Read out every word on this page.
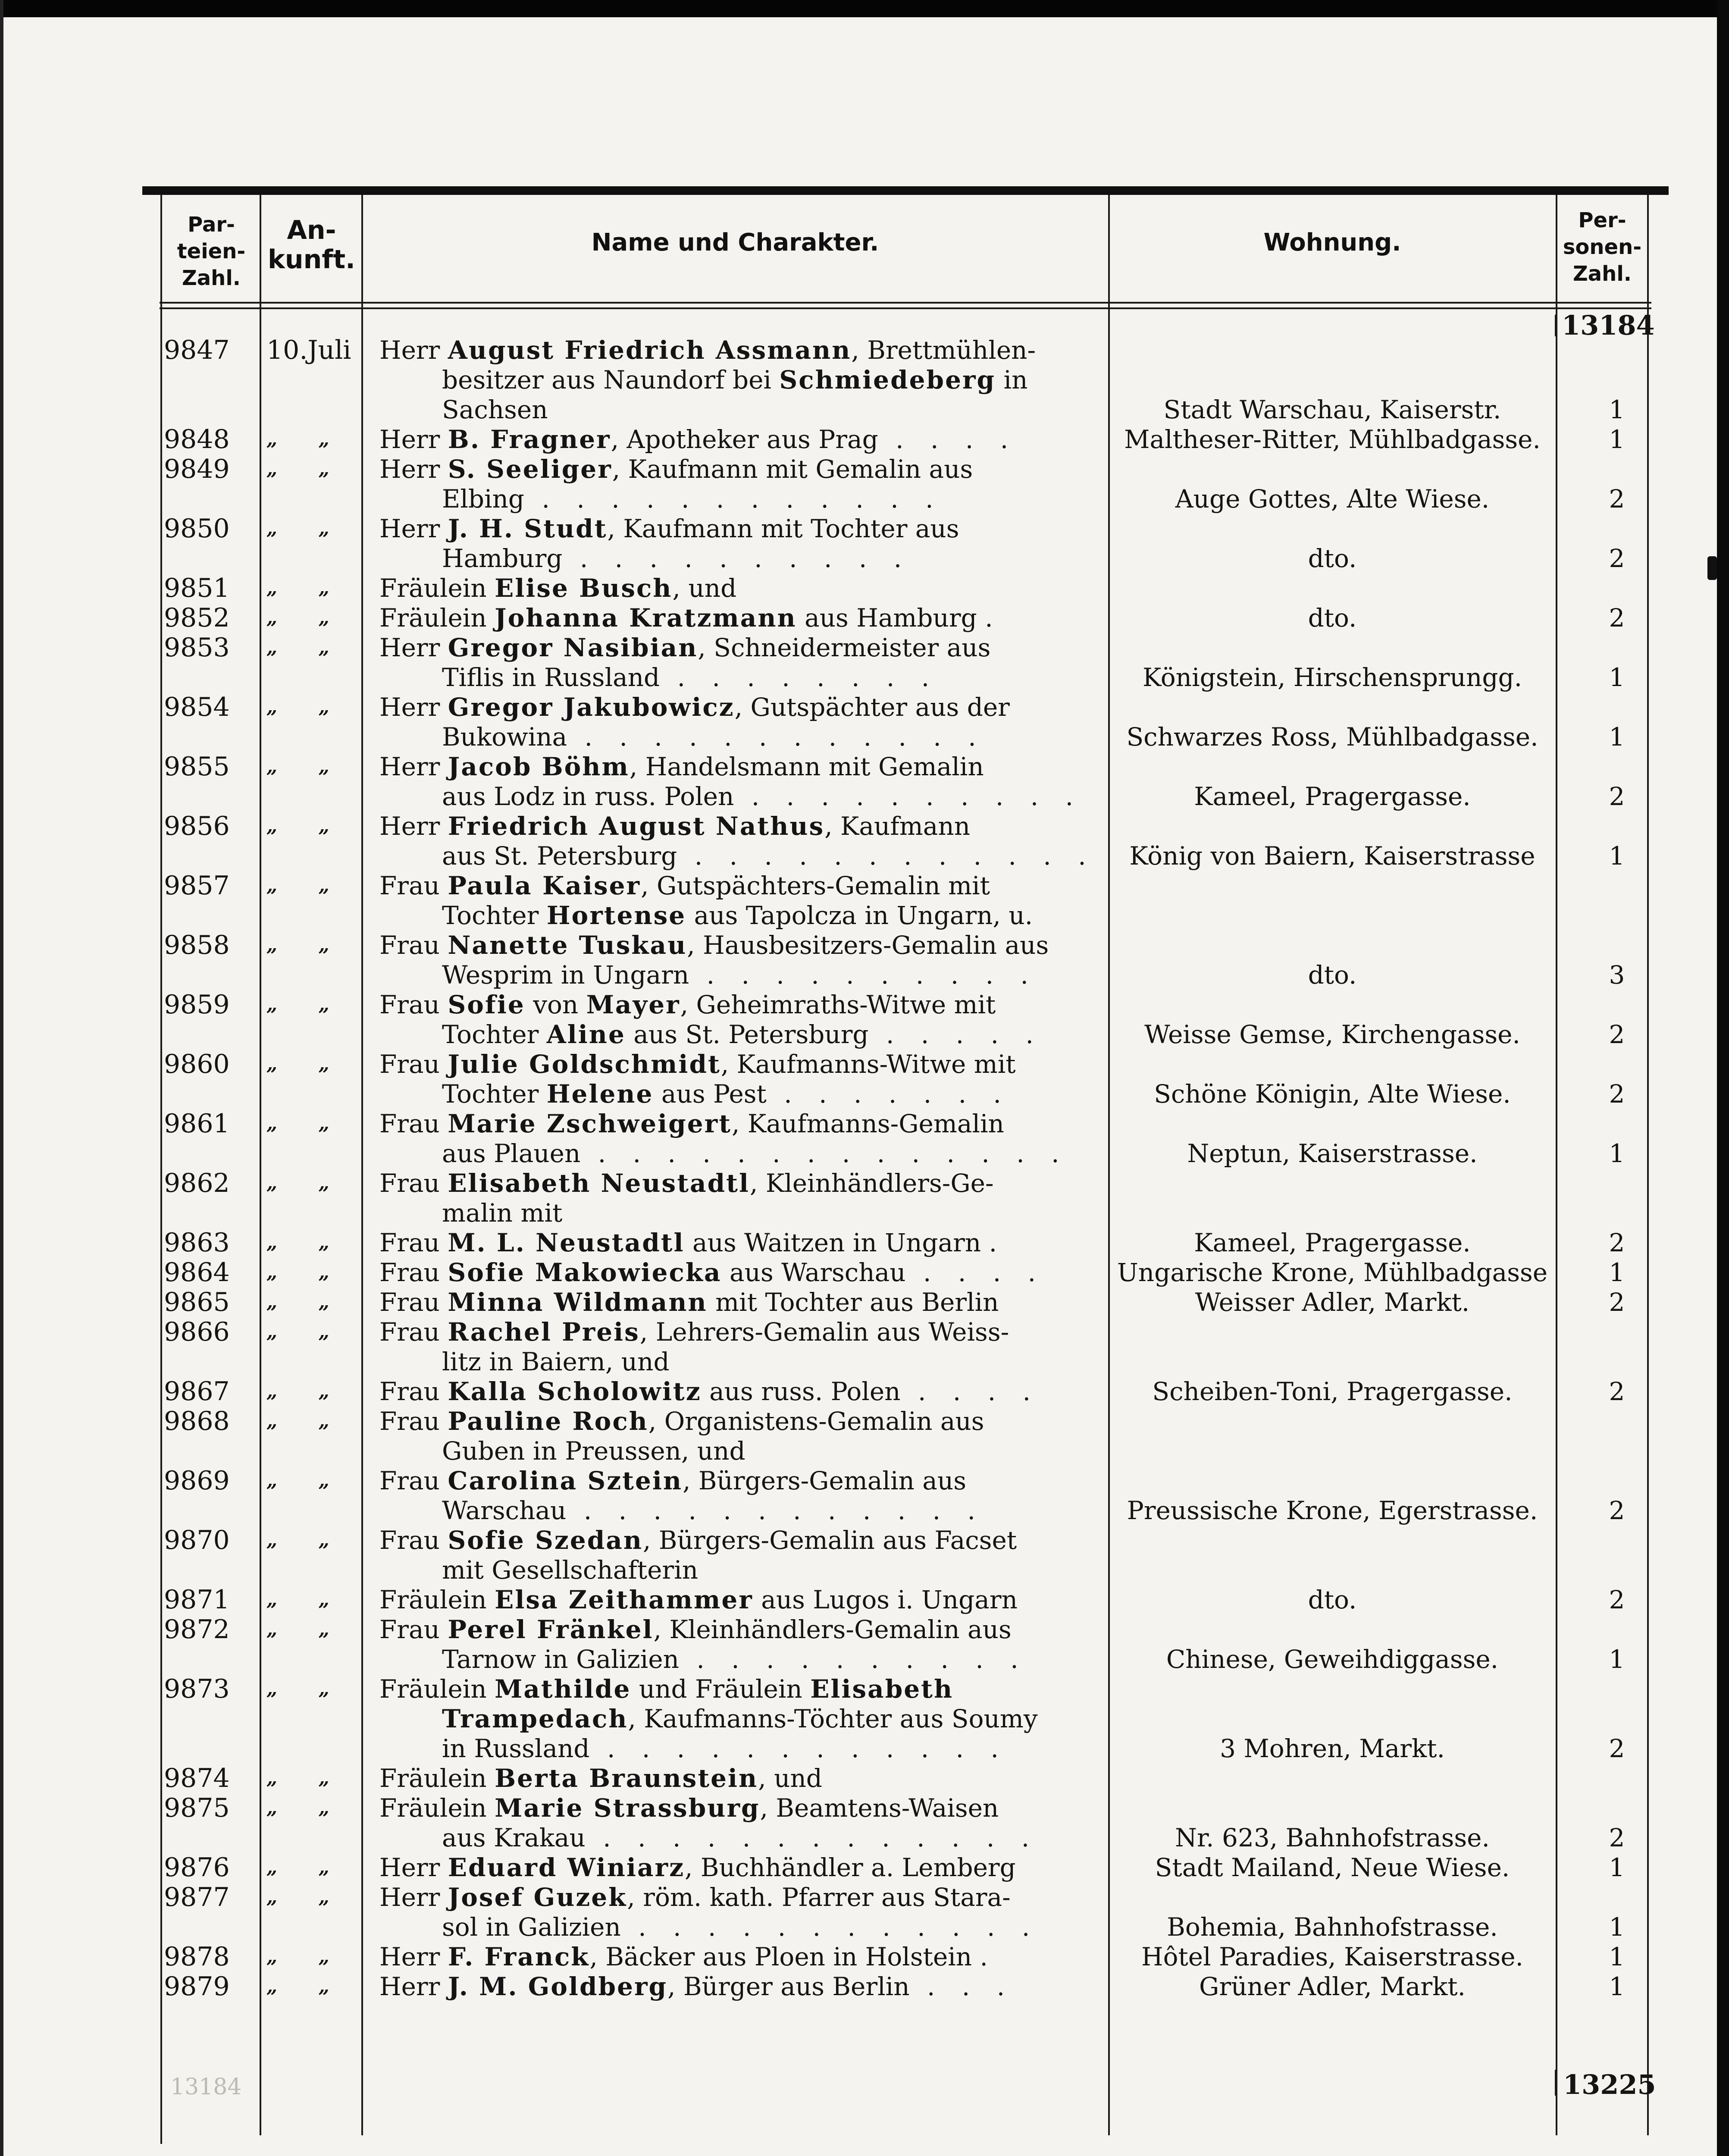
Par-
teien-
Zahl.
An-
kunft.
Name und Charakter.	Wohnung.
Per-
sonen-
Zahl.
13184
9847	10.Juli Herr August Friedrich Assmann, Brettmühlen-
besitzer aus Naundorf bei Schmiedeberg in
Sachsen	Stadt Warschau, Kaiserstr.	1
9848	„ „ Herr B. Fragner, Apotheker aus Prag . . . .	Maltheser-Ritter, Mühlbadgasse.	1
9849	„ „ Herr S. Seeliger, Kaufmann mit Gemalin aus
Elbing . . . . . . . . . . . .	Auge Gottes, Alte Wiese.	2
9850	„ „ Herr J. H. Studt, Kaufmann mit Tochter aus
Hamburg . . . . . . . . . .	dto.	2
9851	„ „ Fräulein Elise Busch, und
9852	„ „ Fräulein Johanna Kratzmann aus Hamburg .	dto.	2
9853	„ „ Herr Gregor Nasibian, Schneidermeister aus
Tiflis in Russland . . . . . . . .	Königstein, Hirschensprungg.	1
9854	„ „ Herr Gregor Jakubowicz, Gutspächter aus der
Bukowina . . . . . . . . . . . .	Schwarzes Ross, Mühlbadgasse.	1
9855	„ „ Herr Jacob Böhm, Handelsmann mit Gemalin
aus Lodz in russ. Polen . . . . . . . . . .	Kameel, Pragergasse.	2
9856	„ „ Herr Friedrich August Nathus, Kaufmann
aus St. Petersburg . . . . . . . . . . . .	König von Baiern, Kaiserstrasse	1
9857	„ „ Frau Paula Kaiser, Gutspächters-Gemalin mit
Tochter Hortense aus Tapolcza in Ungarn, u.
9858	„ „ Frau Nanette Tuskau, Hausbesitzers-Gemalin aus
Wesprim in Ungarn . . . . . . . . . .	dto.	3
9859	„ „ Frau Sofie von Mayer, Geheimraths-Witwe mit
Tochter Aline aus St. Petersburg . . . . .	Weisse Gemse, Kirchengasse.	2
9860	„ „ Frau Julie Goldschmidt, Kaufmanns-Witwe mit
Tochter Helene aus Pest . . . . . . .	Schöne Königin, Alte Wiese.	2
9861	„ „ Frau Marie Zschweigert, Kaufmanns-Gemalin
aus Plauen . . . . . . . . . . . . . .	Neptun, Kaiserstrasse.	1
9862	„ „ Frau Elisabeth Neustadtl, Kleinhändlers-Ge-
malin mit
9863	„ „ Frau M. L. Neustadtl aus Waitzen in Ungarn .	Kameel, Pragergasse.	2
9864	„ „ Frau Sofie Makowiecka aus Warschau . . . .	Ungarische Krone, Mühlbadgasse	1
9865	„ „ Frau Minna Wildmann mit Tochter aus Berlin	Weisser Adler, Markt.	2
9866	„ „ Frau Rachel Preis, Lehrers-Gemalin aus Weiss-
litz in Baiern, und
9867	„ „ Frau Kalla Scholowitz aus russ. Polen . . . .	Scheiben-Toni, Pragergasse.	2
9868	„ „ Frau Pauline Roch, Organistens-Gemalin aus
Guben in Preussen, und
9869	„ „ Frau Carolina Sztein, Bürgers-Gemalin aus
Warschau . . . . . . . . . . . .	Preussische Krone, Egerstrasse.	2
9870	„ „ Frau Sofie Szedan, Bürgers-Gemalin aus Facset
mit Gesellschafterin
9871	„ „ Fräulein Elsa Zeithammer aus Lugos i. Ungarn	dto.	2
9872	„ „ Frau Perel Fränkel, Kleinhändlers-Gemalin aus
Tarnow in Galizien . . . . . . . . . .	Chinese, Geweihdiggasse.	1
9873	„ „ Fräulein Mathilde und Fräulein Elisabeth
Trampedach, Kaufmanns-Töchter aus Soumy
in Russland . . . . . . . . . . . .	3 Mohren, Markt.	2
9874	„ „ Fräulein Berta Braunstein, und
9875	„ „ Fräulein Marie Strassburg, Beamtens-Waisen
aus Krakau . . . . . . . . . . . . .	Nr. 623, Bahnhofstrasse.	2
9876	„ „ Herr Eduard Winiarz, Buchhändler a. Lemberg	Stadt Mailand, Neue Wiese.	1
9877	„ „ Herr Josef Guzek, röm. kath. Pfarrer aus Stara-
sol in Galizien . . . . . . . . . . . .	Bohemia, Bahnhofstrasse.	1
9878	„ „ Herr F. Franck, Bäcker aus Ploen in Holstein .	Hôtel Paradies, Kaiserstrasse.	1
9879	„ „ Herr J. M. Goldberg, Bürger aus Berlin . . .	Grüner Adler, Markt.	1
13225
13184
